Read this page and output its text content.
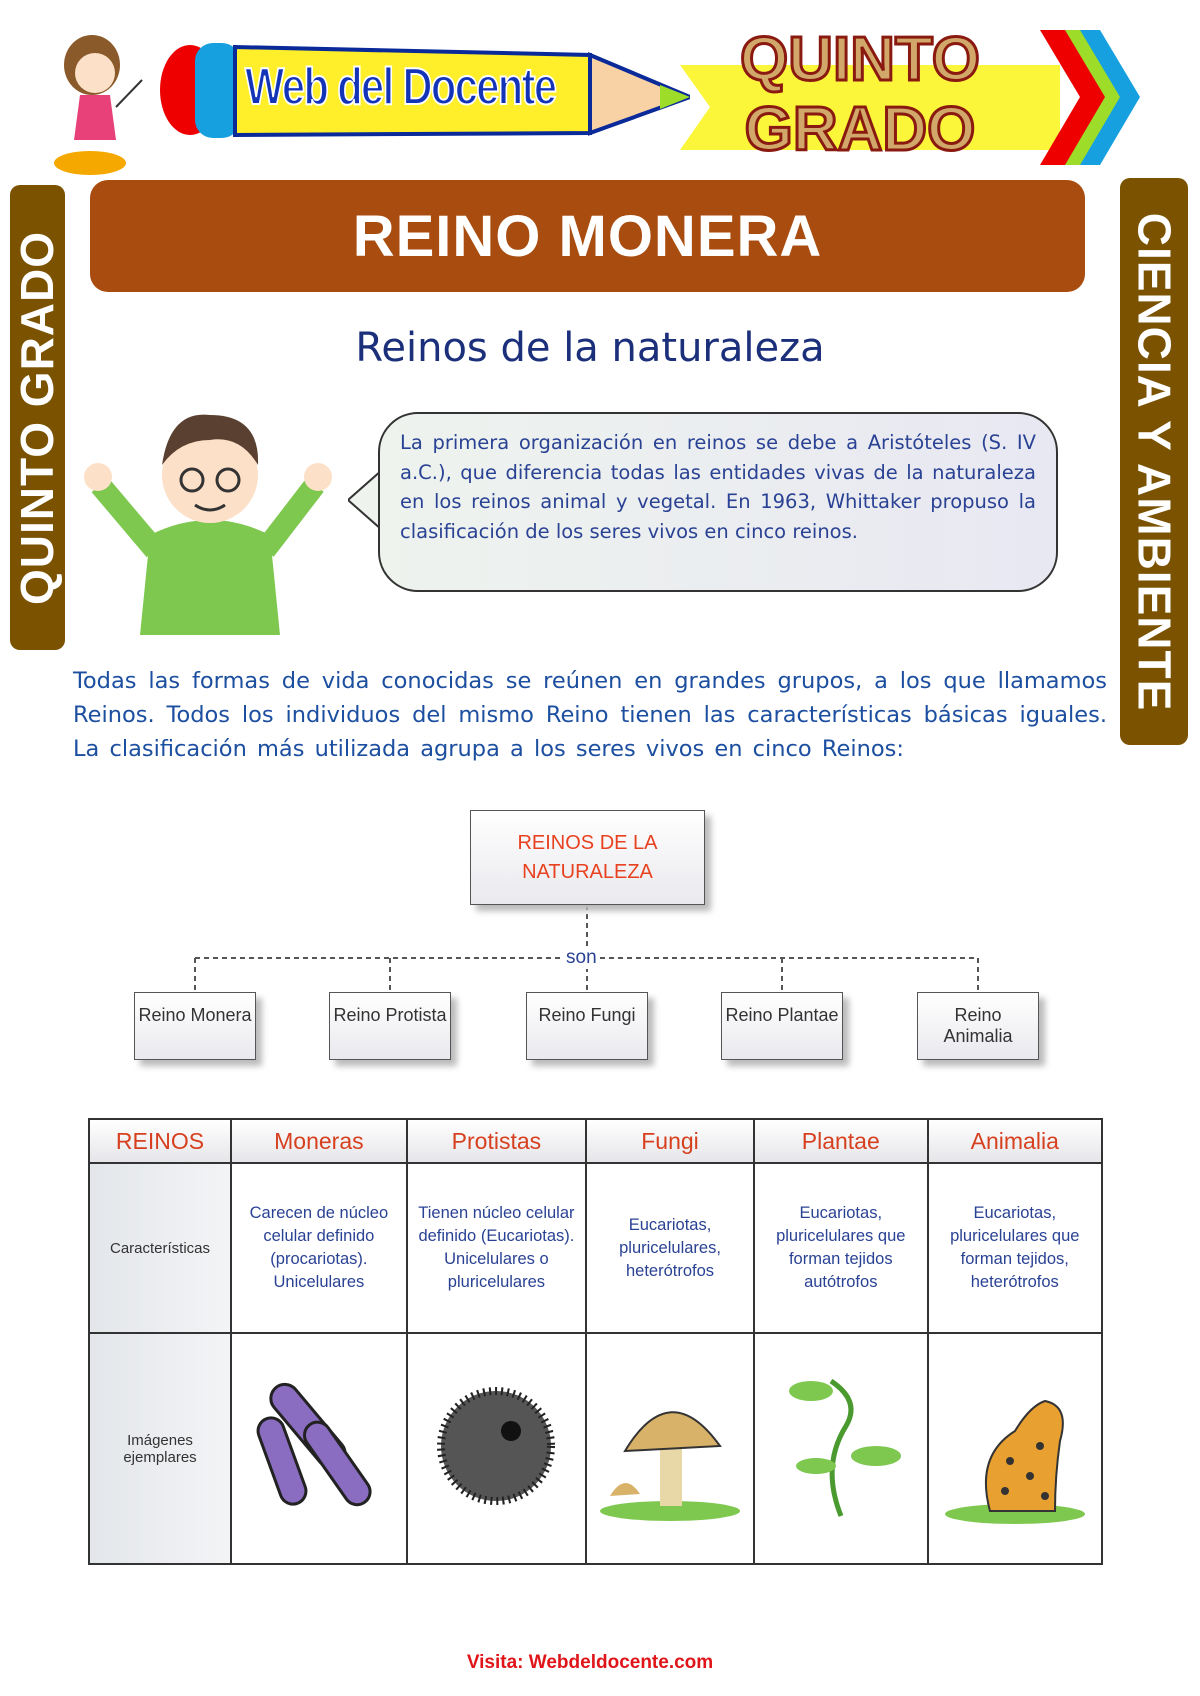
Web del Docente	QUINTO GRADO
QUINTO GRADO	CIENCIA Y AMBIENTE
REINO MONERA
Reinos de la naturaleza
La primera organización en reinos se debe a Aristóteles (S. IV a.C.), que diferencia todas las entidades vivas de la naturaleza en los reinos animal y vegetal. En 1963, Whittaker propuso la clasificación de los seres vivos en cinco reinos.
Todas las formas de vida conocidas se reúnen en grandes grupos, a los que llamamos Reinos. Todos los individuos del mismo Reino tienen las características básicas iguales. La clasificación más utilizada agrupa a los seres vivos en cinco Reinos:
REINOS DE LA NATURALEZA
son
Reino Monera	Reino Protista	Reino Fungi	Reino Plantae	Reino Animalia
REINOS	Moneras	Protistas	Fungi	Plantae	Animalia
Características	Carecen de núcleo celular definido (procariotas). Unicelulares	Tienen núcleo celular definido (Eucariotas). Unicelulares o pluricelulares	Eucariotas, pluricelulares, heterótrofos	Eucariotas, pluricelulares que forman tejidos autótrofos	Eucariotas, pluricelulares que forman tejidos, heterótrofos
Imágenes ejemplares					
Visita: Webdeldocente.com
